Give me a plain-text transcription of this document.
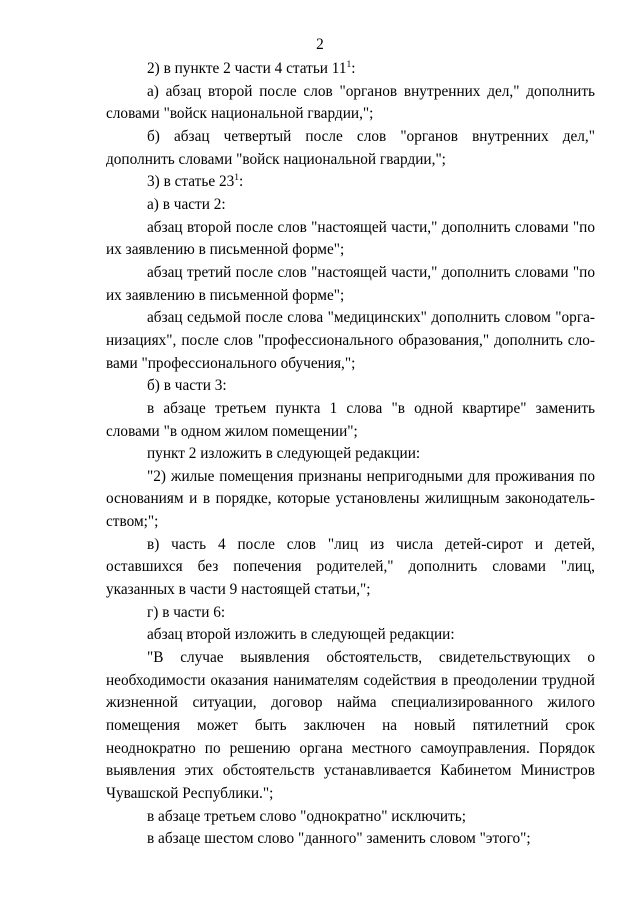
2

2) в пункте 2 части 4 статьи $11^1$:

а) абзац второй после слов "органов внутренних дел," дополнить словами "войск национальной гвардии,";

б) абзац четвертый после слов "органов внутренних дел," дополнить словами "войск национальной гвардии,";

3) в статье $23^1$:

а) в части 2:

абзац второй после слов "настоящей части," дополнить словами "по их заявлению в письменной форме";

абзац третий после слов "настоящей части," дополнить словами "по их заявлению в письменной форме";

абзац седьмой после слова "медицинских" дополнить словом "организациях", после слов "профессионального образования," дополнить словами "профессионального обучения,";

б) в части 3:

в абзаце третьем пункта 1 слова "в одной квартире" заменить словами "в одном жилом помещении";

пункт 2 изложить в следующей редакции:

"2) жилые помещения признаны непригодными для проживания по основаниям и в порядке, которые установлены жилищным законодательством;";

в) часть 4 после слов "лиц из числа детей-сирот и детей, оставшихся без попечения родителей," дополнить словами "лиц, указанных в части 9 настоящей статьи,";

г) в части 6:

абзац второй изложить в следующей редакции:

"В случае выявления обстоятельств, свидетельствующих о необходимости оказания нанимателям содействия в преодолении трудной жизненной ситуации, договор найма специализированного жилого помещения может быть заключен на новый пятилетний срок неоднократно по решению органа местного самоуправления. Порядок выявления этих обстоятельств устанавливается Кабинетом Министров Чувашской Республики.";

в абзаце третьем слово "однократно" исключить;

в абзаце шестом слово "данного" заменить словом "этого";
